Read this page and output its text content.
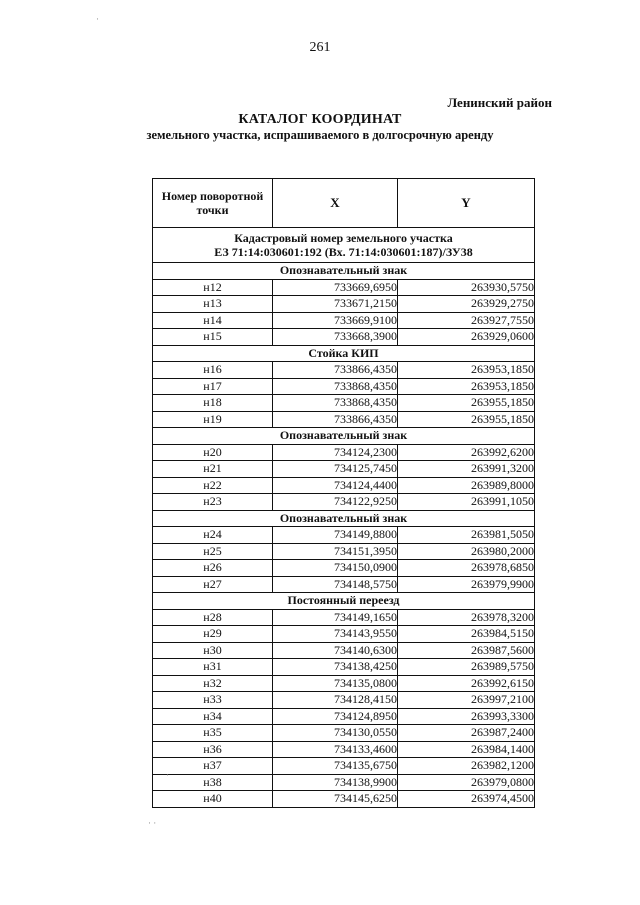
261
Ленинский район
КАТАЛОГ КООРДИНАТ
земельного участка, испрашиваемого в долгосрочную аренду
Номер поворотной точки	X	Y

Кадастровый номер земельного участка
ЕЗ 71:14:030601:192 (Вх. 71:14:030601:187)/ЗУ38		

Опознавательный знак		
н12	733669,6950	263930,5750
н13	733671,2150	263929,2750
н14	733669,9100	263927,7550
н15	733668,3900	263929,0600
Стойка КИП		
н16	733866,4350	263953,1850
н17	733868,4350	263953,1850
н18	733868,4350	263955,1850
н19	733866,4350	263955,1850
Опознавательный знак		
н20	734124,2300	263992,6200
н21	734125,7450	263991,3200
н22	734124,4400	263989,8000
н23	734122,9250	263991,1050
Опознавательный знак		
н24	734149,8800	263981,5050
н25	734151,3950	263980,2000
н26	734150,0900	263978,6850
н27	734148,5750	263979,9900
Постоянный переезд		
н28	734149,1650	263978,3200
н29	734143,9550	263984,5150
н30	734140,6300	263987,5600
н31	734138,4250	263989,5750
н32	734135,0800	263992,6150
н33	734128,4150	263997,2100
н34	734124,8950	263993,3300
н35	734130,0550	263987,2400
н36	734133,4600	263984,1400
н37	734135,6750	263982,1200
н38	734138,9900	263979,0800
н40	734145,6250	263974,4500
·
·
· ·
